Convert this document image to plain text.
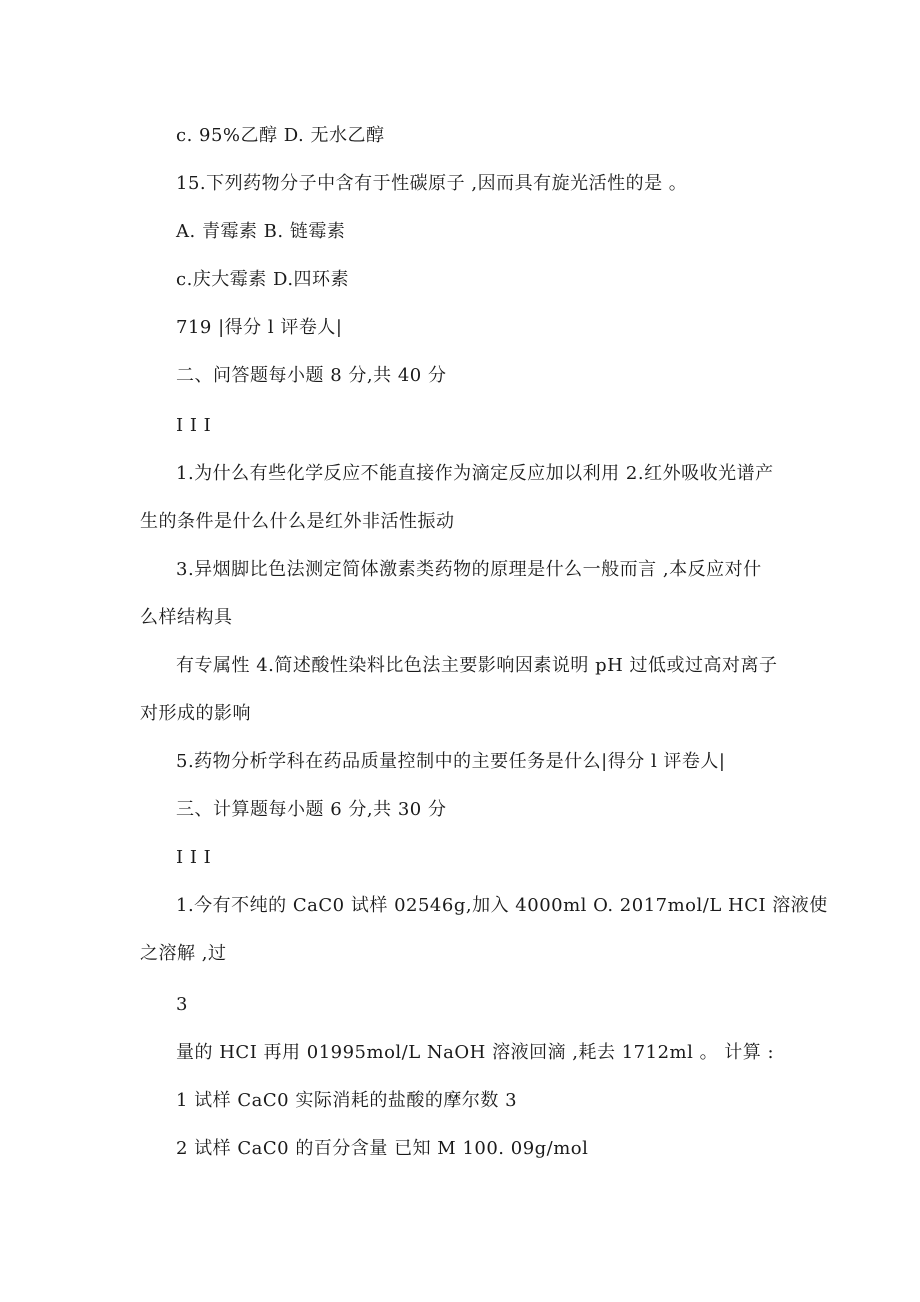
c. 95%乙醇 D. 无水乙醇
15.下列药物分子中含有于性碳原子 ,因而具有旋光活性的是 。
A. 青霉素 B. 链霉素
c.庆大霉素 D.四环素
719 |得分 l 评卷人|
二、问答题每小题 8 分,共 40 分
I I I
1.为什么有些化学反应不能直接作为滴定反应加以利用 2.红外吸收光谱产
生的条件是什么什么是红外非活性振动
3.异烟脚比色法测定简体激素类药物的原理是什么一般而言 ,本反应对什
么样结构具
有专属性 4.简述酸性染料比色法主要影响因素说明 pH 过低或过高对离子
对形成的影响
5.药物分析学科在药品质量控制中的主要任务是什么|得分 l 评卷人|
三、计算题每小题 6 分,共 30 分
I I I
1.今有不纯的 CaC0 试样 02546g,加入 4000ml O. 2017mol/L HCI 溶液使
之溶解 ,过
3
量的 HCI 再用 01995mol/L NaOH 溶液回滴 ,耗去 1712ml 。 计算 :
1 试样 CaC0 实际消耗的盐酸的摩尔数 3
2 试样 CaC0 的百分含量 已知 M 100. 09g/mol
